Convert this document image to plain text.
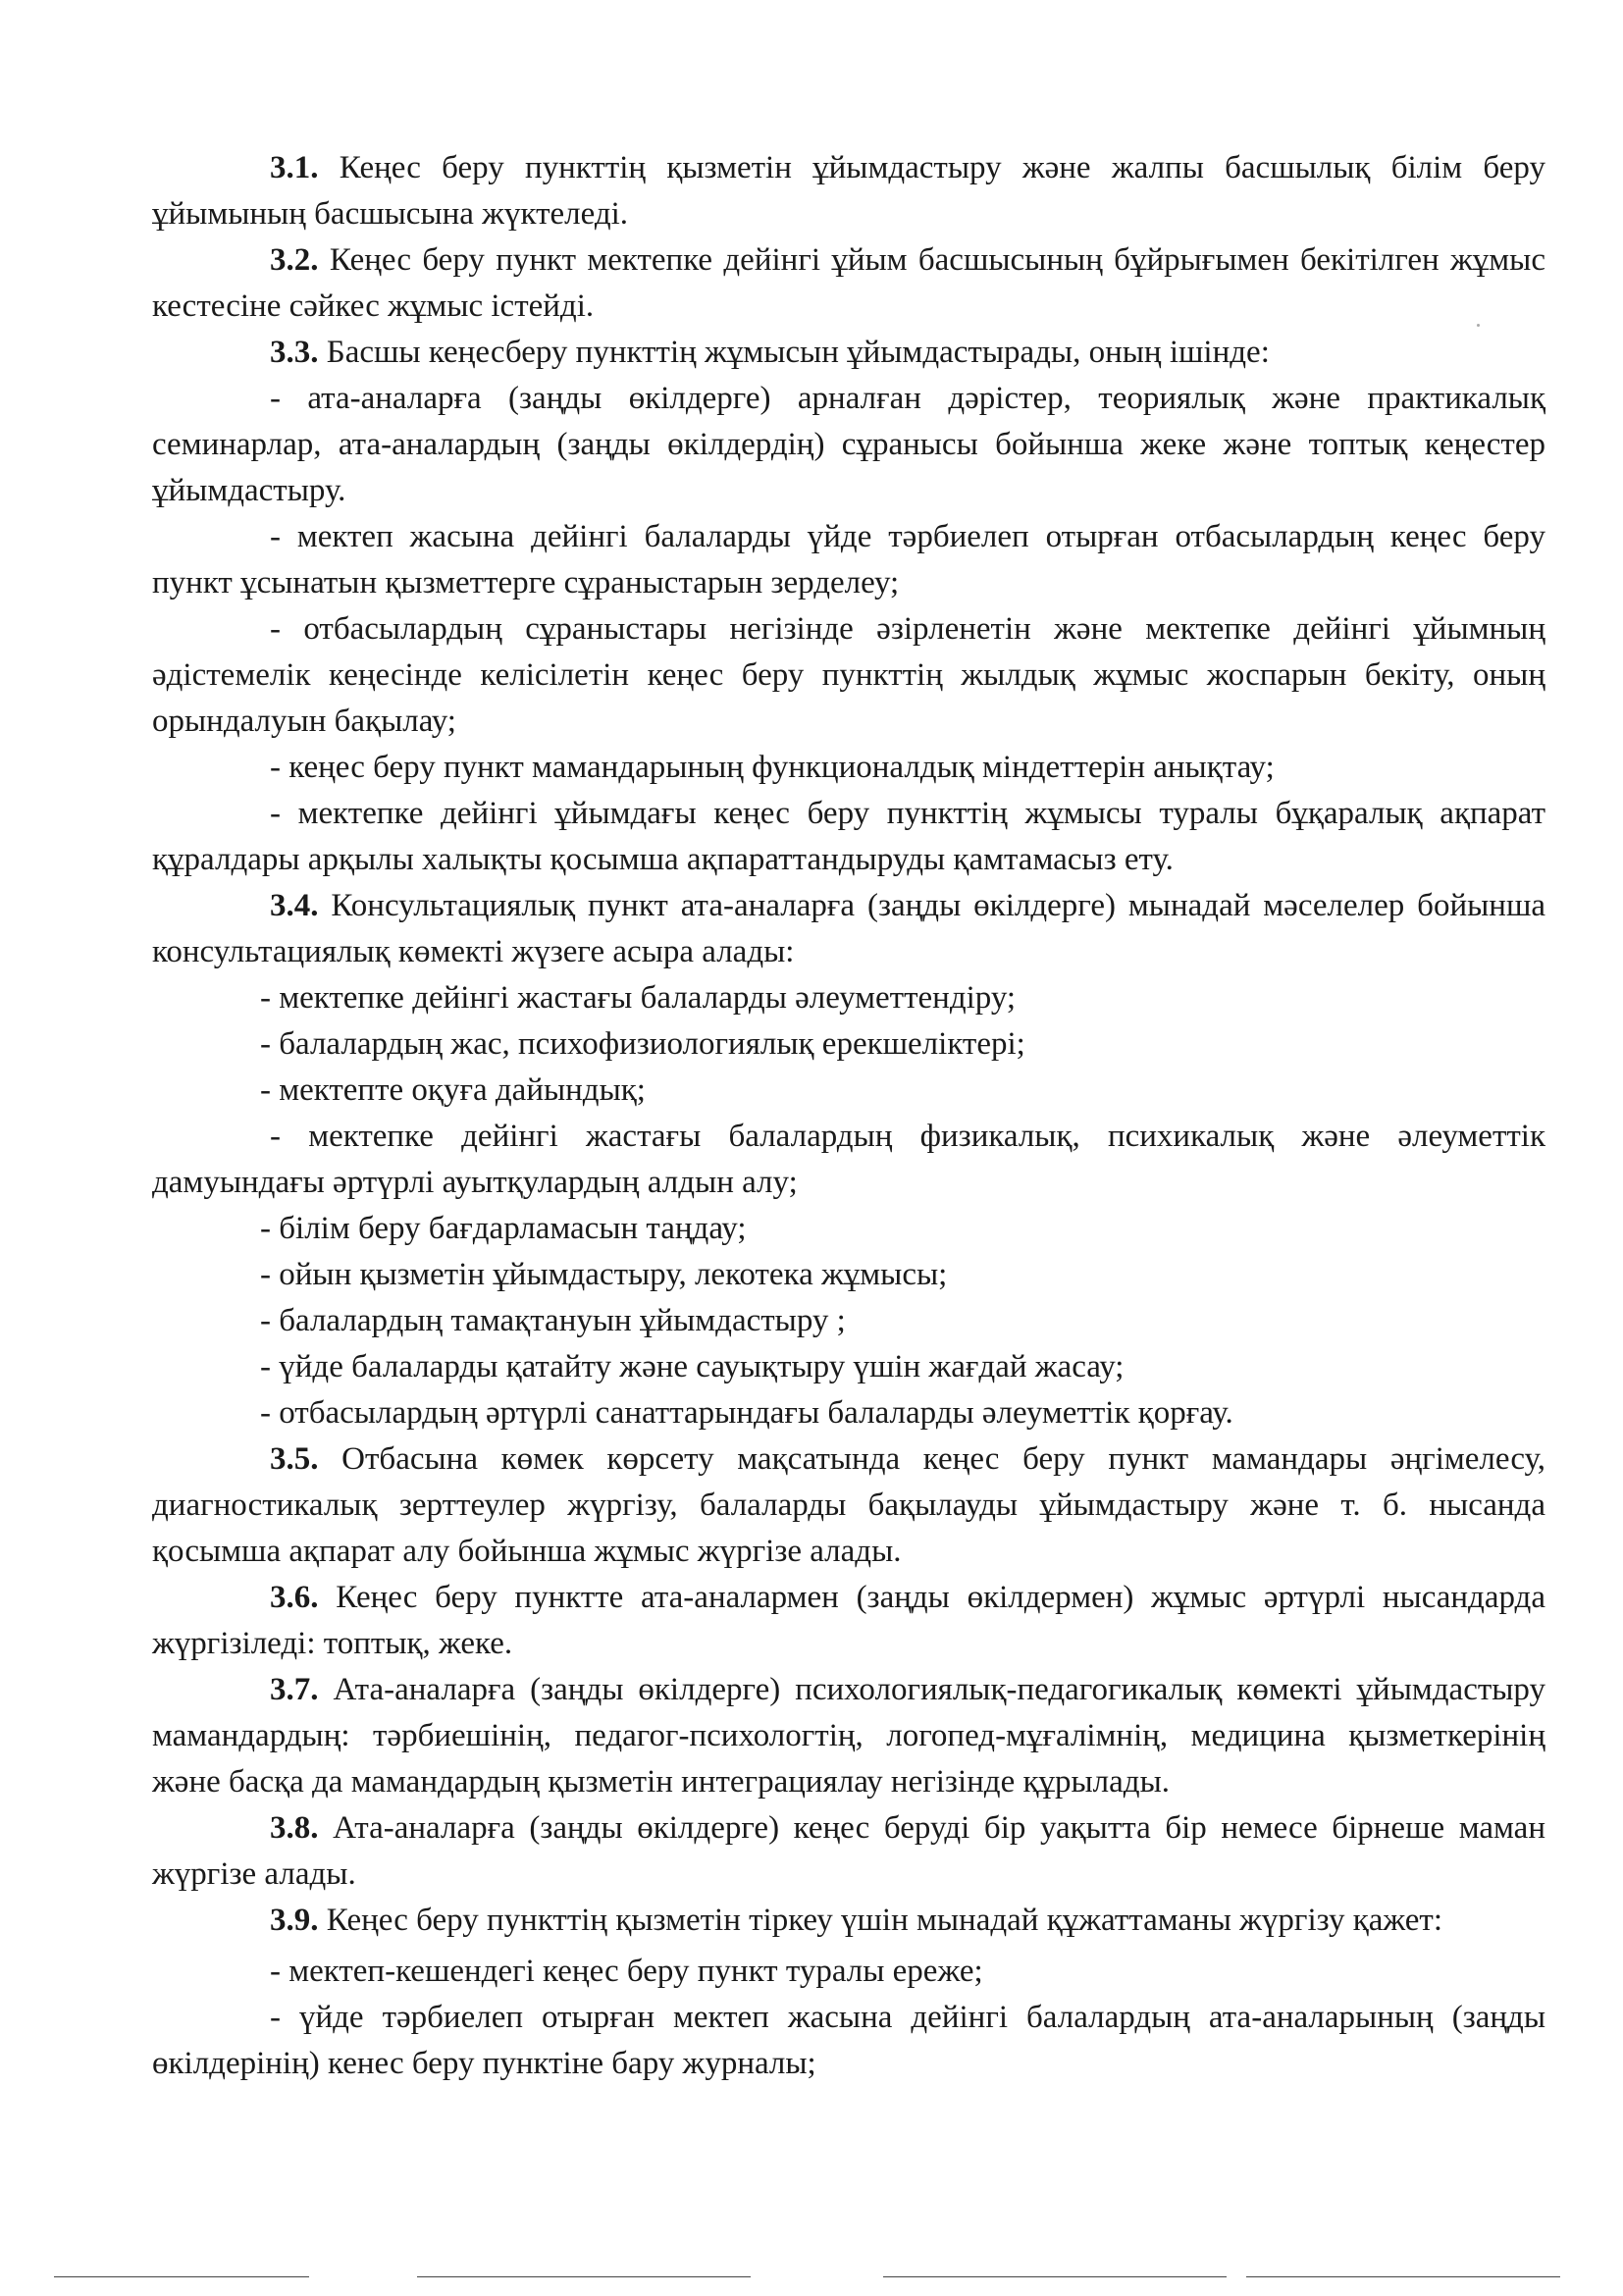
3.1. Кеңес беру пункттің қызметін ұйымдастыру және жалпы басшылық білім беру ұйымының басшысына жүктеледі.

3.2. Кеңес беру пункт мектепке дейінгі ұйым басшысының бұйрығымен бекітілген жұмыс кестесіне сәйкес жұмыс істейді.

3.3. Басшы кеңесберу пункттің жұмысын ұйымдастырады, оның ішінде:

- ата-аналарға (заңды өкілдерге) арналған дәрістер, теориялық және практикалық семинарлар, ата-аналардың (заңды өкілдердің) сұранысы бойынша жеке және топтық кеңестер ұйымдастыру.

- мектеп жасына дейінгі балаларды үйде тәрбиелеп отырған отбасылардың кеңес беру пункт ұсынатын қызметтерге сұраныстарын зерделеу;

- отбасылардың сұраныстары негізінде әзірленетін және мектепке дейінгі ұйымның әдістемелік кеңесінде келісілетін кеңес беру пункттің жылдық жұмыс жоспарын бекіту, оның орындалуын бақылау;

- кеңес беру пункт мамандарының функционалдық міндеттерін анықтау;

- мектепке дейінгі ұйымдағы кеңес беру пункттің жұмысы туралы бұқаралық ақпарат құралдары арқылы халықты қосымша ақпараттандыруды қамтамасыз ету.

3.4. Консультациялық пункт ата-аналарға (заңды өкілдерге) мынадай мәселелер бойынша консультациялық көмекті жүзеге асыра алады:

- мектепке дейінгі жастағы балаларды әлеуметтендіру;

- балалардың жас, психофизиологиялық ерекшеліктері;

- мектепте оқуға дайындық;

- мектепке дейінгі жастағы балалардың физикалық, психикалық және әлеуметтік дамуындағы әртүрлі ауытқулардың алдын алу;

- білім беру бағдарламасын таңдау;

- ойын қызметін ұйымдастыру, лекотека жұмысы;

- балалардың тамақтануын ұйымдастыру ;

- үйде балаларды қатайту және сауықтыру үшін жағдай жасау;

- отбасылардың әртүрлі санаттарындағы балаларды әлеуметтік қорғау.

3.5. Отбасына көмек көрсету мақсатында кеңес беру пункт мамандары әңгімелесу, диагностикалық зерттеулер жүргізу, балаларды бақылауды ұйымдастыру және т. б. нысанда қосымша ақпарат алу бойынша жұмыс жүргізе алады.

3.6. Кеңес беру пунктте ата-аналармен (заңды өкілдермен) жұмыс әртүрлі нысандарда жүргізіледі: топтық, жеке.

3.7. Ата-аналарға (заңды өкілдерге) психологиялық-педагогикалық көмекті ұйымдастыру мамандардың: тәрбиешінің, педагог-психологтің, логопед-мұғалімнің, медицина қызметкерінің және басқа да мамандардың қызметін интеграциялау негізінде құрылады.

3.8. Ата-аналарға (заңды өкілдерге) кеңес беруді бір уақытта бір немесе бірнеше маман жүргізе алады.

3.9. Кеңес беру пункттің қызметін тіркеу үшін мынадай құжаттаманы жүргізу қажет:

- мектеп-кешендегі кеңес беру пункт туралы ереже;

- үйде тәрбиелеп отырған мектеп жасына дейінгі балалардың ата-аналарының (заңды өкілдерінің) кенес беру пунктіне бару журналы;
